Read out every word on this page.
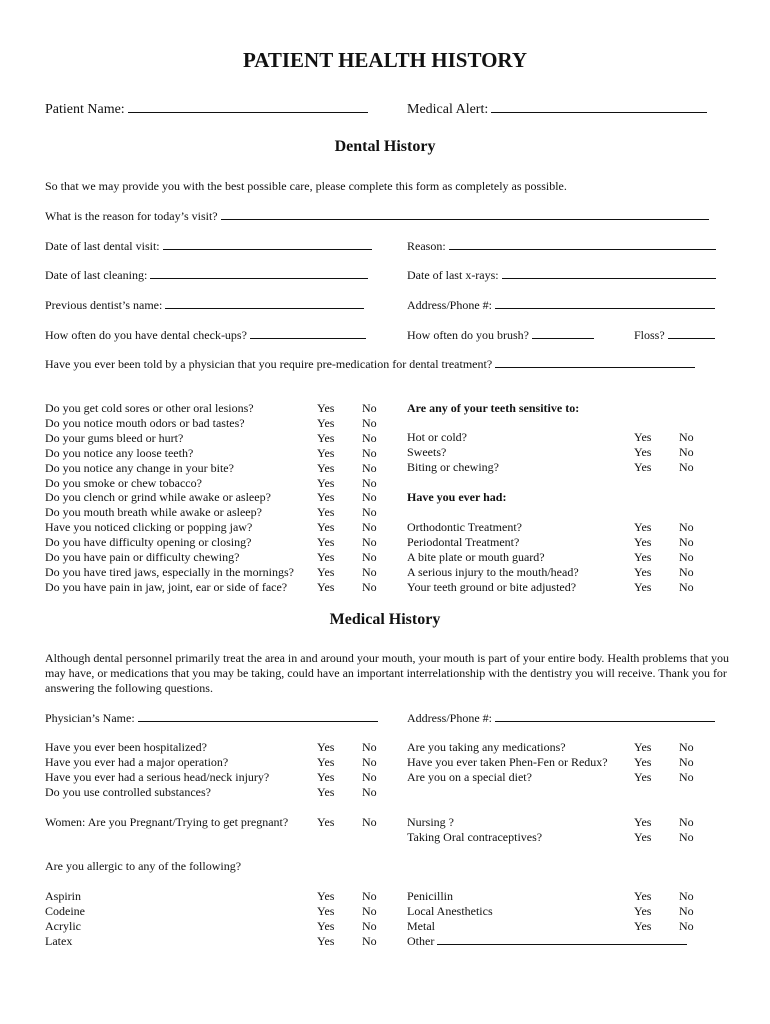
PATIENT HEALTH HISTORY
Patient Name:	Medical Alert:
Dental History
So that we may provide you with the best possible care, please complete this form as completely as possible.
What is the reason for today’s visit?
Date of last dental visit:	Reason:
Date of last cleaning:	Date of last x-rays:
Previous dentist’s name:	Address/Phone #:
How often do you have dental check-ups?	How often do you brush?	Floss?
Have you ever been told by a physician that you require pre-medication for dental treatment?
Do you get cold sores or other oral lesions?	Yes No
Do you notice mouth odors or bad tastes?	Yes No
Do your gums bleed or hurt?	Yes No
Do you notice any loose teeth?	Yes No
Do you notice any change in your bite?	Yes No
Do you smoke or chew tobacco?	Yes No
Do you clench or grind while awake or asleep?	Yes No
Do you mouth breath while awake or asleep?	Yes No
Have you noticed clicking or popping jaw?	Yes No
Do you have difficulty opening or closing?	Yes No
Do you have pain or difficulty chewing?	Yes No
Do you have tired jaws, especially in the mornings? Yes No
Do you have pain in jaw, joint, ear or side of face? Yes No
Are any of your teeth sensitive to:
Hot or cold?	Yes No
Sweets?	Yes No
Biting or chewing?	Yes No
Have you ever had:
Orthodontic Treatment?	Yes No
Periodontal Treatment?	Yes No
A bite plate or mouth guard?	Yes No
A serious injury to the mouth/head?	Yes No
Your teeth ground or bite adjusted?	Yes No
Medical History
Although dental personnel primarily treat the area in and around your mouth, your mouth is part of your entire body. Health problems that you may have, or medications that you may be taking, could have an important interrelationship with the dentistry you will receive. Thank you for answering the following questions.
Physician’s Name:	Address/Phone #:
Have you ever been hospitalized?	Yes No
Have you ever had a major operation?	Yes No
Have you ever had a serious head/neck injury?	Yes No
Do you use controlled substances?	Yes No
Are you taking any medications?	Yes No
Have you ever taken Phen-Fen or Redux? Yes No
Are you on a special diet?	Yes No
Women: Are you Pregnant/Trying to get pregnant? Yes No	Nursing ?	Yes No
Taking Oral contraceptives?	Yes No
Are you allergic to any of the following?
Aspirin	Yes No
Codeine	Yes No
Acrylic	Yes No
Latex	Yes No
Penicillin	Yes No
Local Anesthetics	Yes No
Metal	Yes No
Other
